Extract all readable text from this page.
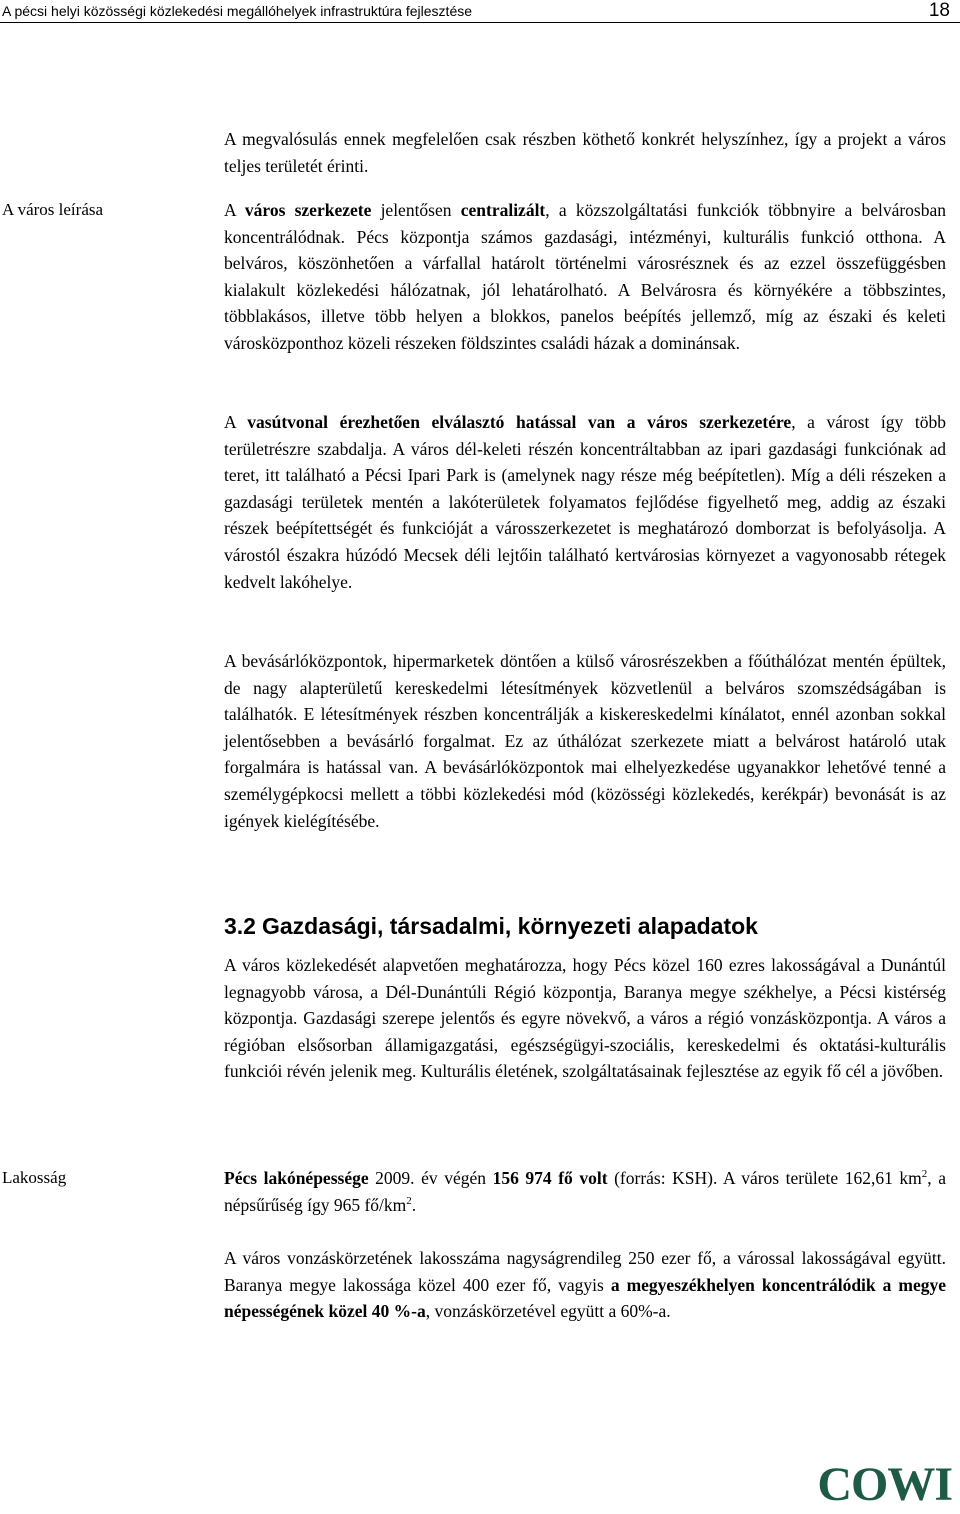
A pécsi helyi közösségi közlekedési megállóhelyek infrastruktúra fejlesztése	18
A város leírása
Lakosság

A megvalósulás ennek megfelelően csak részben köthető konkrét helyszínhez, így a projekt a város teljes területét érinti.

A város szerkezete jelentősen centralizált, a közszolgáltatási funkciók többnyire a belvárosban koncentrálódnak. Pécs központja számos gazdasági, intézményi, kulturális funkció otthona. A belváros, köszönhetően a várfallal határolt történelmi városrésznek és az ezzel összefüggésben kialakult közlekedési hálózatnak, jól lehatárolható. A Belvárosra és környékére a többszintes, többlakásos, illetve több helyen a blokkos, panelos beépítés jellemző, míg az északi és keleti városközponthoz közeli részeken földszintes családi házak a dominánsak.

A vasútvonal érezhetően elválasztó hatással van a város szerkezetére, a várost így több területrészre szabdalja. A város dél-keleti részén koncentráltabban az ipari gazdasági funkciónak ad teret, itt található a Pécsi Ipari Park is (amelynek nagy része még beépítetlen). Míg a déli részeken a gazdasági területek mentén a lakóterületek folyamatos fejlődése figyelhető meg, addig az északi részek beépítettségét és funkcióját a városszerkezetet is meghatározó domborzat is befolyásolja. A várostól északra húzódó Mecsek déli lejtőin található kertvárosias környezet a vagyonosabb rétegek kedvelt lakóhelye.

A bevásárlóközpontok, hipermarketek döntően a külső városrészekben a főúthálózat mentén épültek, de nagy alapterületű kereskedelmi létesítmények közvetlenül a belváros szomszédságában is találhatók. E létesítmények részben koncentrálják a kiskereskedelmi kínálatot, ennél azonban sokkal jelentősebben a bevásárló forgalmat. Ez az úthálózat szerkezete miatt a belvárost határoló utak forgalmára is hatással van. A bevásárlóközpontok mai elhelyezkedése ugyanakkor lehetővé tenné a személygépkocsi mellett a többi közlekedési mód (közösségi közlekedés, kerékpár) bevonását is az igények kielégítésébe.

3.2 Gazdasági, társadalmi, környezeti alapadatok

A város közlekedését alapvetően meghatározza, hogy Pécs közel 160 ezres lakosságával a Dunántúl legnagyobb városa, a Dél-Dunántúli Régió központja, Baranya megye székhelye, a Pécsi kistérség központja. Gazdasági szerepe jelentős és egyre növekvő, a város a régió vonzásközpontja. A város a régióban elsősorban államigazgatási, egészségügyi-szociális, kereskedelmi és oktatási-kulturális funkciói révén jelenik meg. Kulturális életének, szolgáltatásainak fejlesztése az egyik fő cél a jövőben.

Pécs lakónépessége 2009. év végén 156 974 fő volt (forrás: KSH). A város területe 162,61 $km^2$, a népsűrűség így 965 $fő/km^2$.

A város vonzáskörzetének lakosszáma nagyságrendileg 250 ezer fő, a várossal lakosságával együtt. Baranya megye lakossága közel 400 ezer fő, vagyis a megyeszékhelyen koncentrálódik a megye népességének közel 40 %-a, vonzáskörzetével együtt a 60%-a.

COWI
